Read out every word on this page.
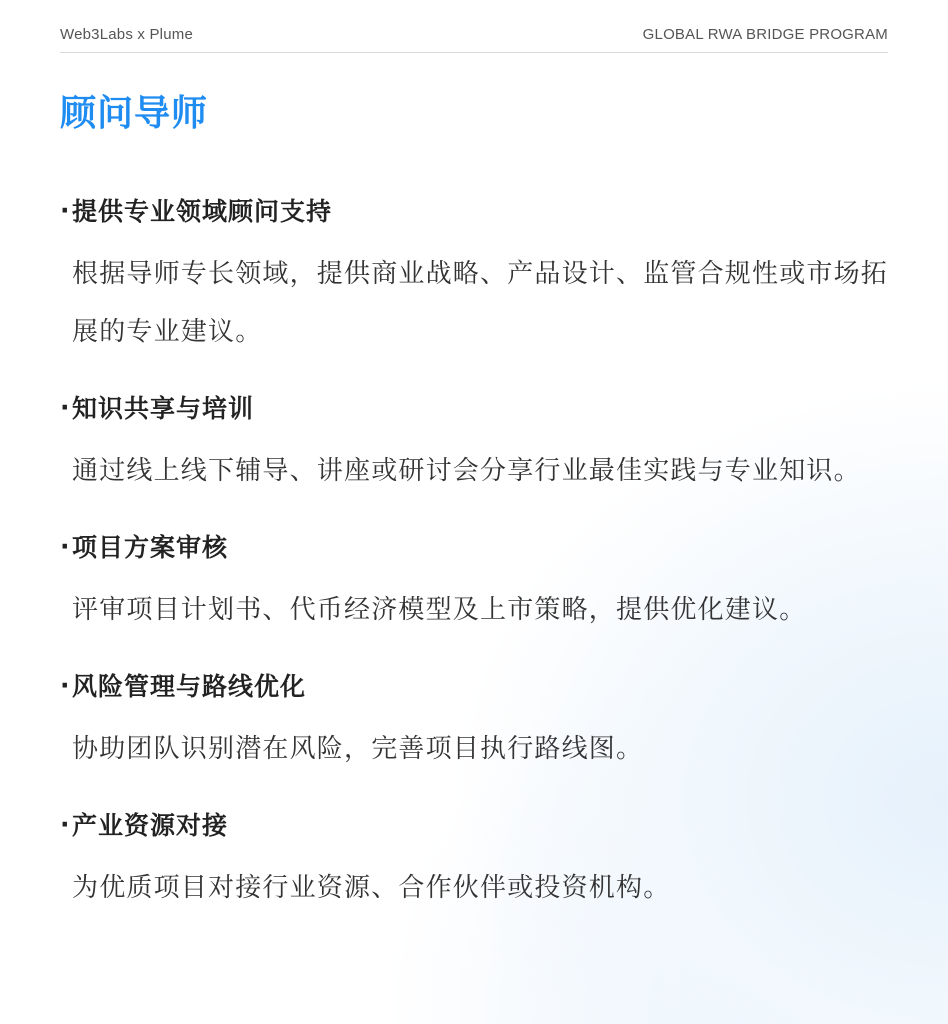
Web3Labs x Plume	GLOBAL RWA BRIDGE PROGRAM
顾问导师
· 提供专业领域顾问支持
根据导师专长领域，提供商业战略、产品设计、监管合规性或市场拓展的专业建议。
· 知识共享与培训
通过线上线下辅导、讲座或研讨会分享行业最佳实践与专业知识。
· 项目方案审核
评审项目计划书、代币经济模型及上市策略，提供优化建议。
· 风险管理与路线优化
协助团队识别潜在风险，完善项目执行路线图。
· 产业资源对接
为优质项目对接行业资源、合作伙伴或投资机构。
